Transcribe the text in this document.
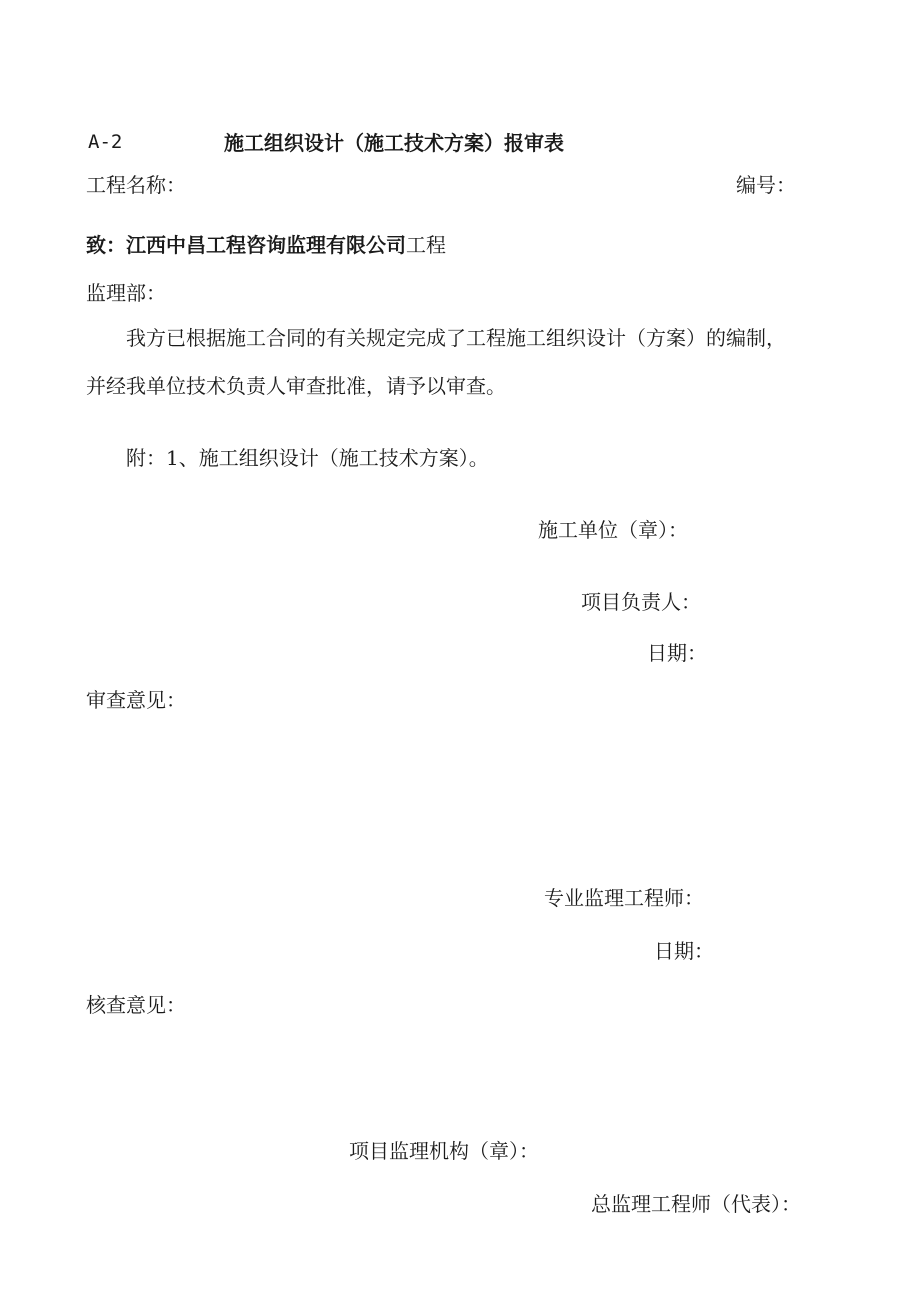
A-2	施工组织设计（施工技术方案）报审表
工程名称：	编号：
致：江西中昌工程咨询监理有限公司工程
监理部：
我方已根据施工合同的有关规定完成了工程施工组织设计（方案）的编制，
并经我单位技术负责人审查批准，请予以审查。
附：1、施工组织设计（施工技术方案）。
施工单位（章）：
项目负责人：
日期：
审查意见：
专业监理工程师：
日期：
核查意见：
项目监理机构（章）：
总监理工程师（代表）：
